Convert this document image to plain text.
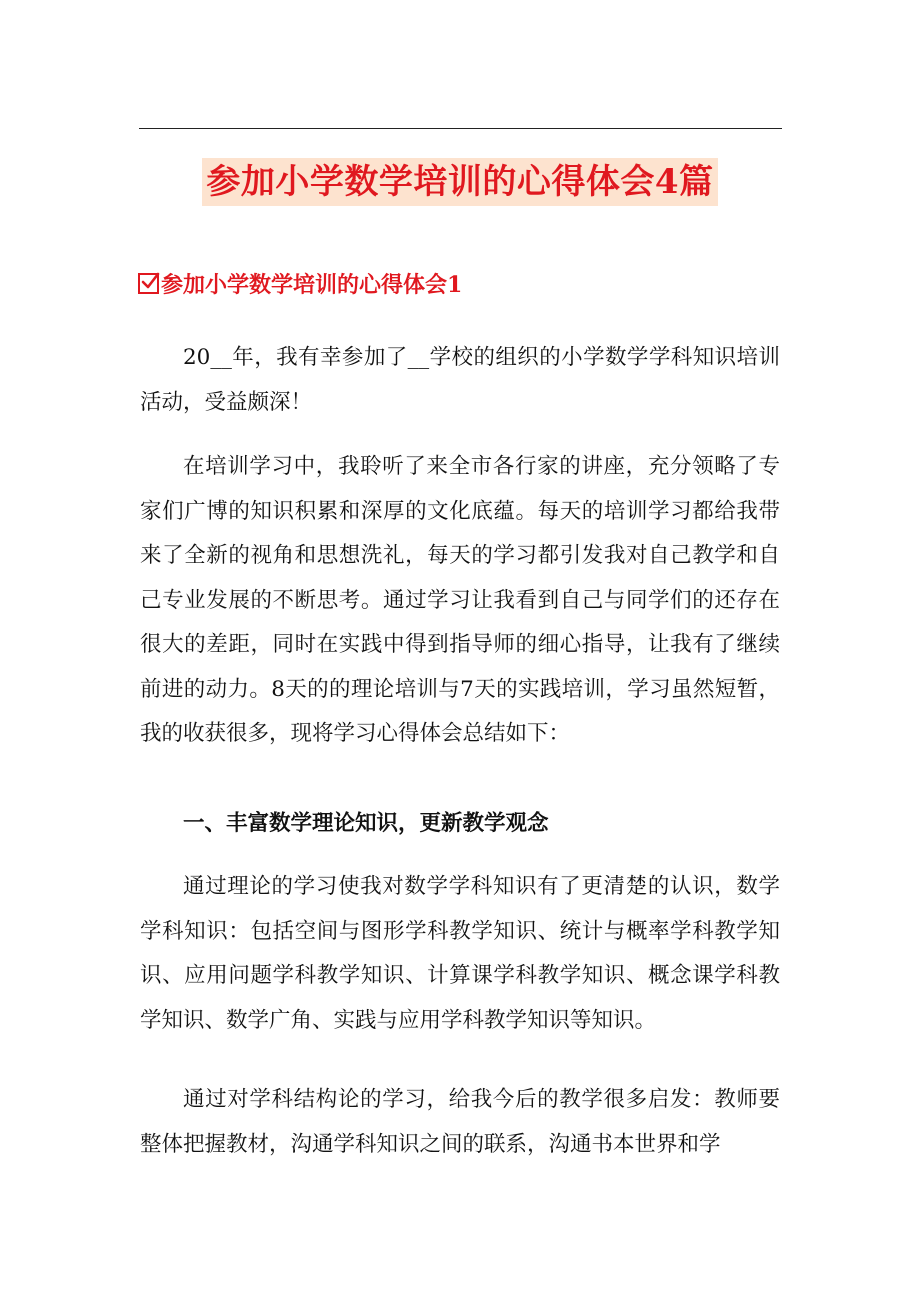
参加小学数学培训的心得体会4篇
参加小学数学培训的心得体会1

20__年，我有幸参加了__学校的组织的小学数学学科知识培训活动，受益颇深！

在培训学习中，我聆听了来全市各行家的讲座，充分领略了专家们广博的知识积累和深厚的文化底蕴。每天的培训学习都给我带来了全新的视角和思想洗礼，每天的学习都引发我对自己教学和自己专业发展的不断思考。通过学习让我看到自己与同学们的还存在很大的差距，同时在实践中得到指导师的细心指导，让我有了继续前进的动力。8天的的理论培训与7天的实践培训，学习虽然短暂，我的收获很多，现将学习心得体会总结如下：

一、丰富数学理论知识，更新教学观念

通过理论的学习使我对数学学科知识有了更清楚的认识，数学学科知识：包括空间与图形学科教学知识、统计与概率学科教学知识、应用问题学科教学知识、计算课学科教学知识、概念课学科教学知识、数学广角、实践与应用学科教学知识等知识。

通过对学科结构论的学习，给我今后的教学很多启发：教师要整体把握教材，沟通学科知识之间的联系，沟通书本世界和学
